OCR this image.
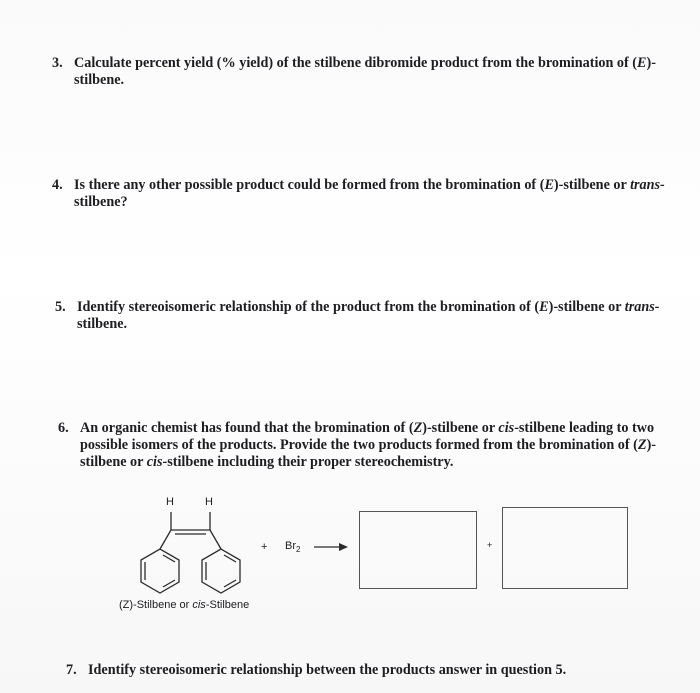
3. Calculate percent yield (% yield) of the stilbene dibromide product from the bromination of (E)-
stilbene.
4. Is there any other possible product could be formed from the bromination of (E)-stilbene or trans-
stilbene?
5. Identify stereoisomeric relationship of the product from the bromination of (E)-stilbene or trans-
stilbene.
6. An organic chemist has found that the bromination of (Z)-stilbene or cis-stilbene leading to two
possible isomers of the products. Provide the two products formed from the bromination of (Z)-
stilbene or cis-stilbene including their proper stereochemistry.
7. Identify stereoisomeric relationship between the products answer in question 5.
H	H
+ $Br_2$	+
(Z)-Stilbene or cis-Stilbene
